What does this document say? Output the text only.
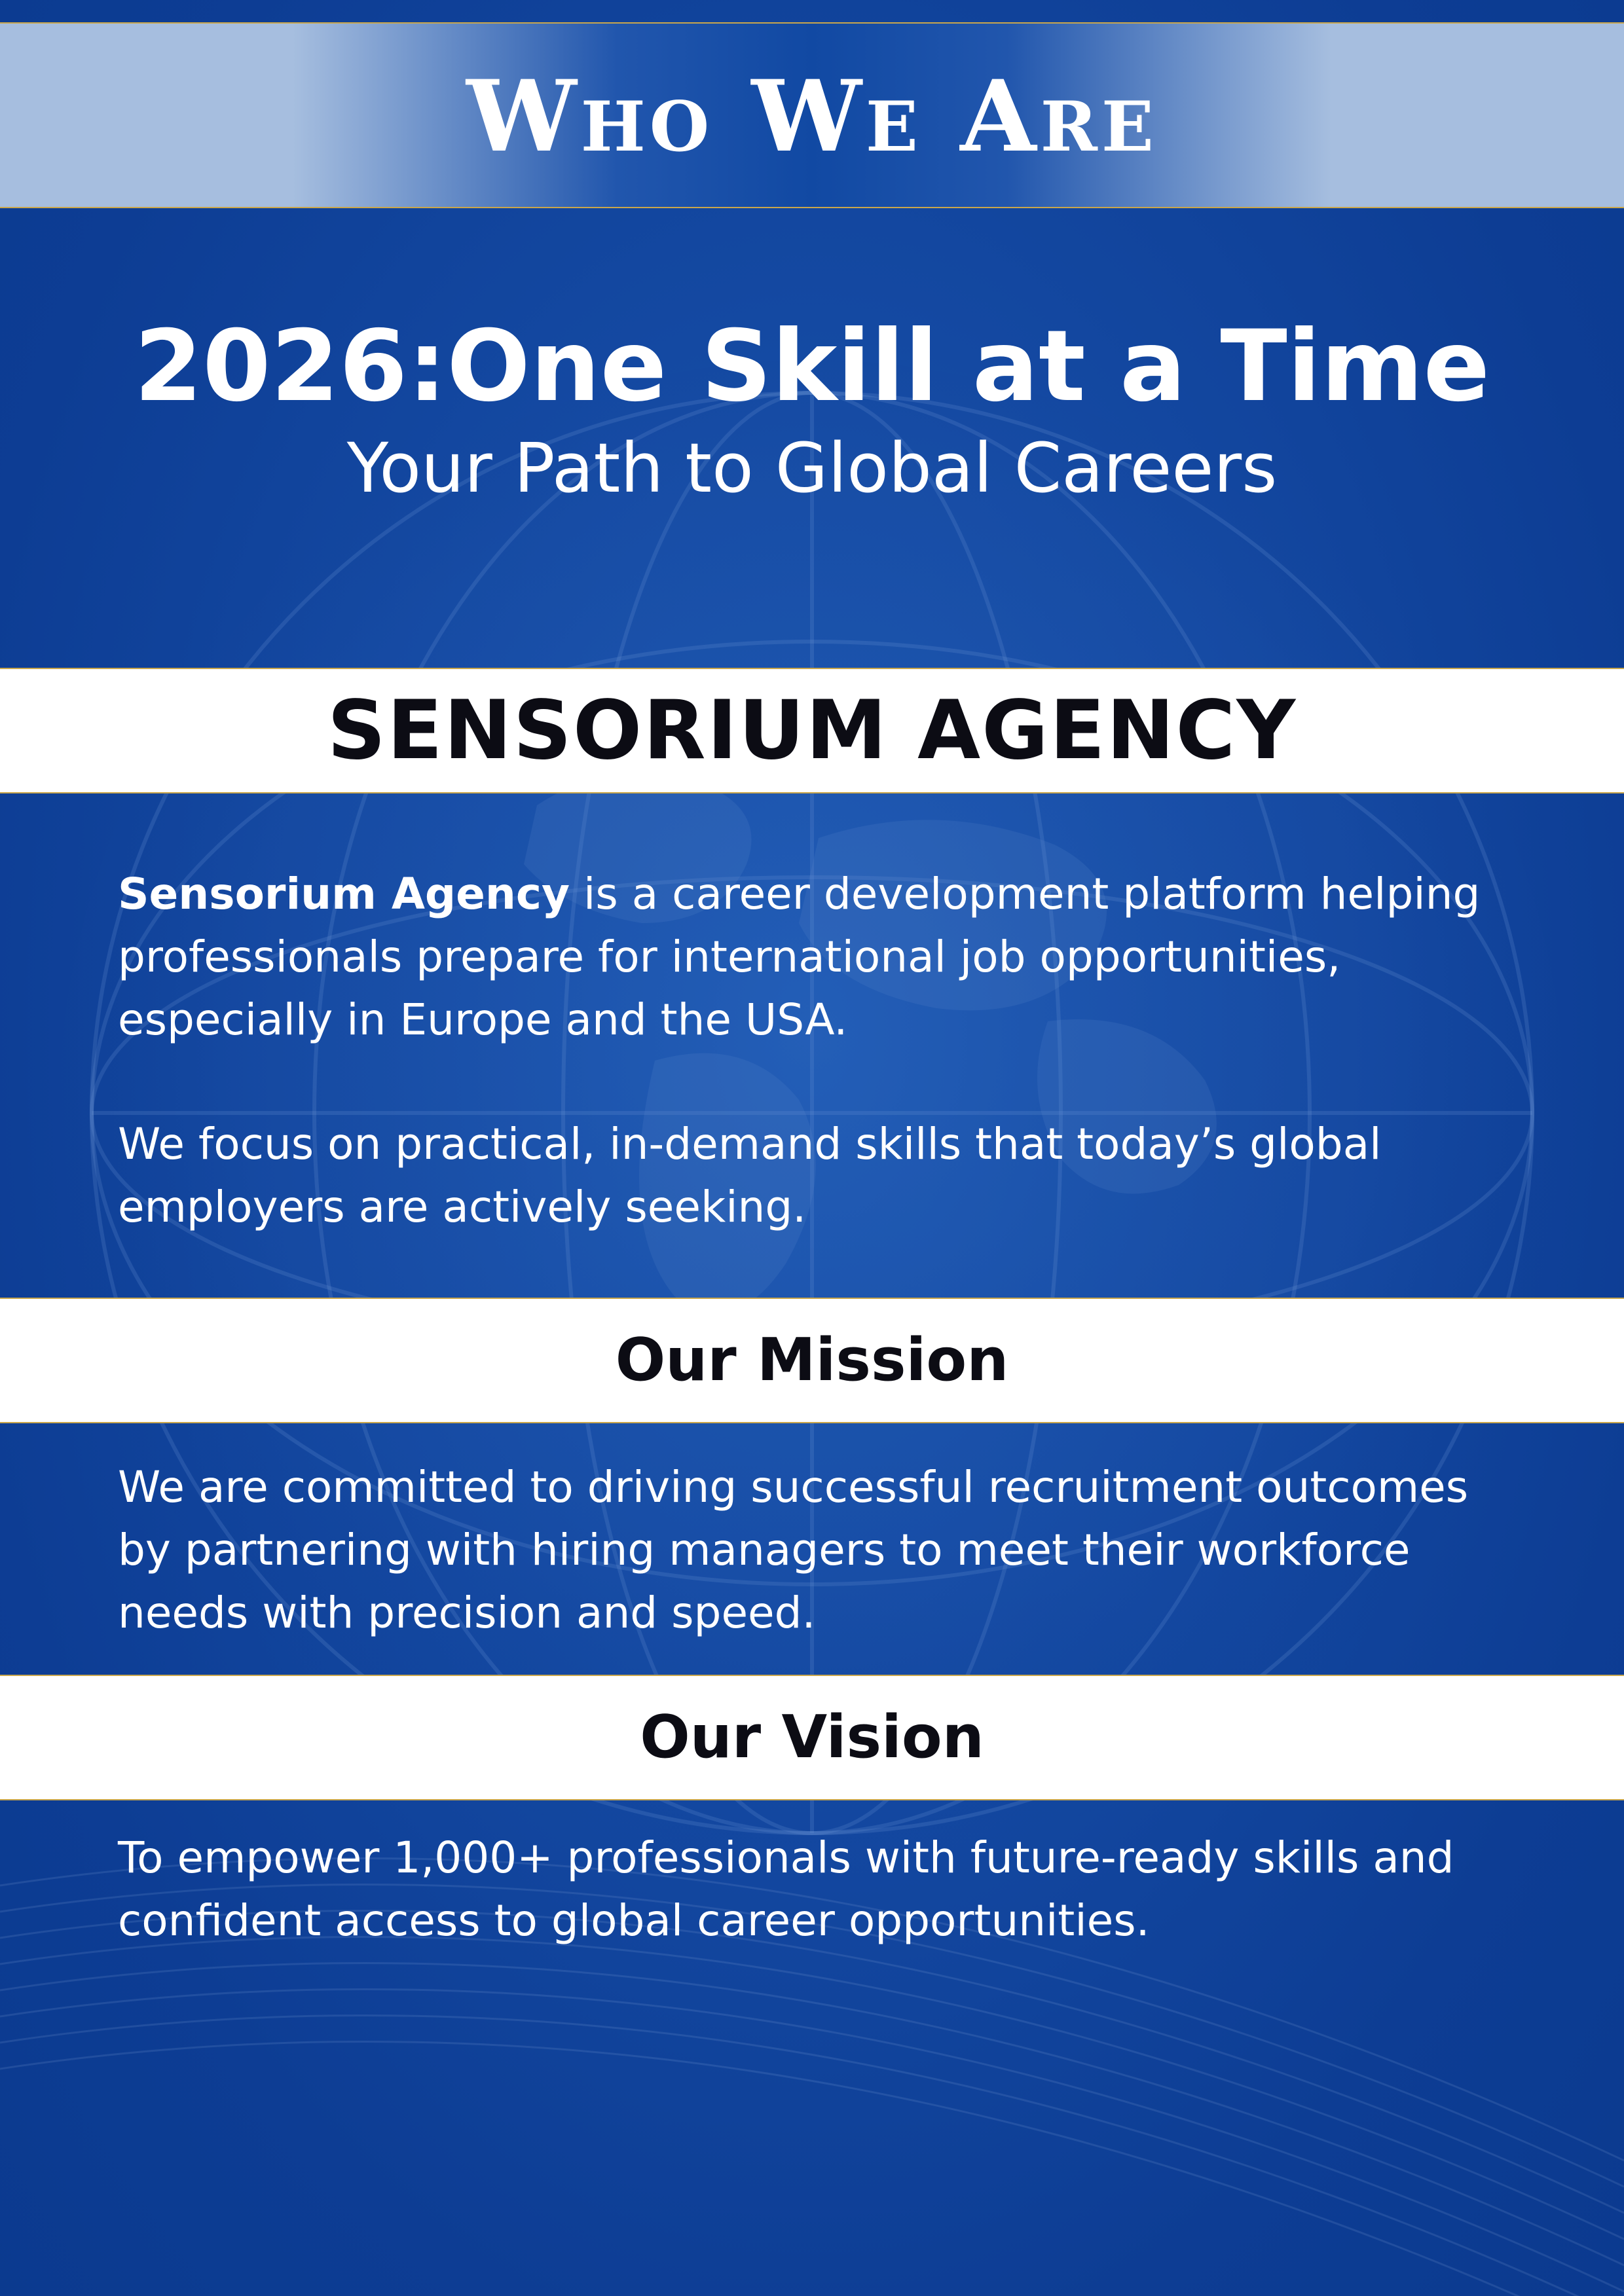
Who We Are
2026:One Skill at a Time

Your Path to Global Careers

SENSORIUM AGENCY

Sensorium Agency is a career development platform helping professionals prepare for international job opportunities, especially in Europe and the USA.

We focus on practical, in-demand skills that today’s global employers are actively seeking.

Our Mission

We are committed to driving successful recruitment outcomes by partnering with hiring managers to meet their workforce needs with precision and speed.

Our Vision

To empower 1,000+ professionals with future-ready skills and confident access to global career opportunities.
